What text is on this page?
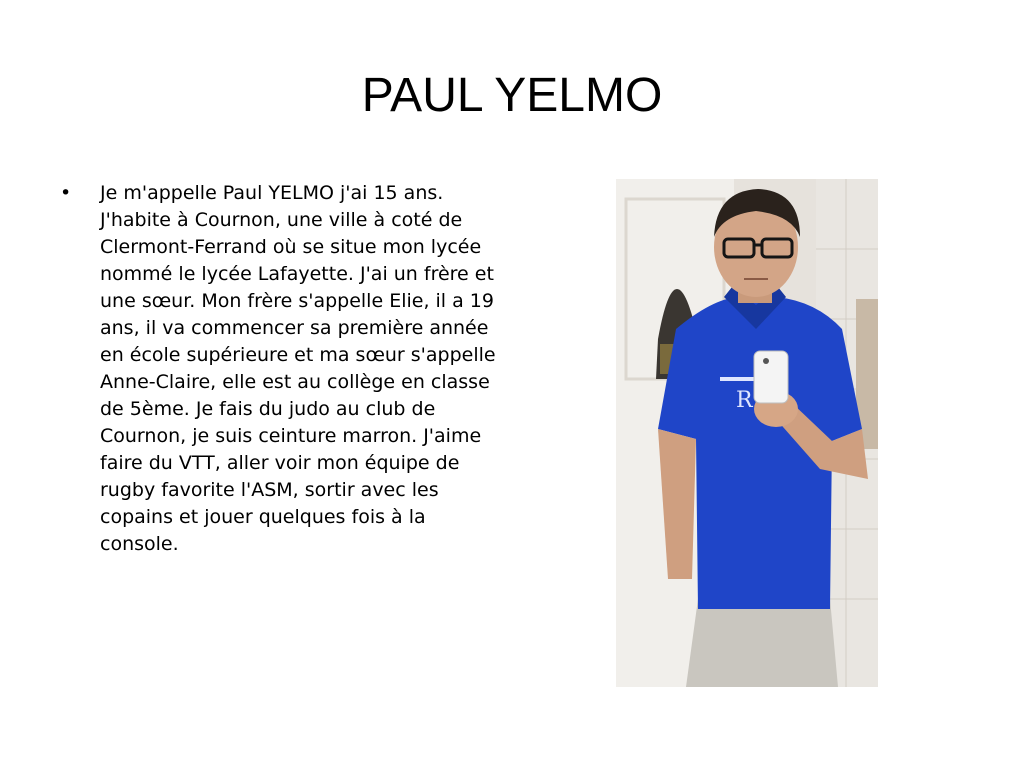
PAUL YELMO
•	Je m'appelle Paul YELMO j'ai 15 ans. J'habite à Cournon, une ville à coté de Clermont-Ferrand où se situe mon lycée nommé le lycée Lafayette. J'ai un frère et une sœur. Mon frère s'appelle Elie, il a 19 ans, il va commencer sa première année en école supérieure et ma sœur s'appelle Anne-Claire, elle est au collège en classe de 5ème. Je fais du judo au club de Cournon, je suis ceinture marron. J'aime faire du VTT, aller voir mon équipe de rugby favorite l'ASM, sortir avec les copains et jouer quelques fois à la console.
R
